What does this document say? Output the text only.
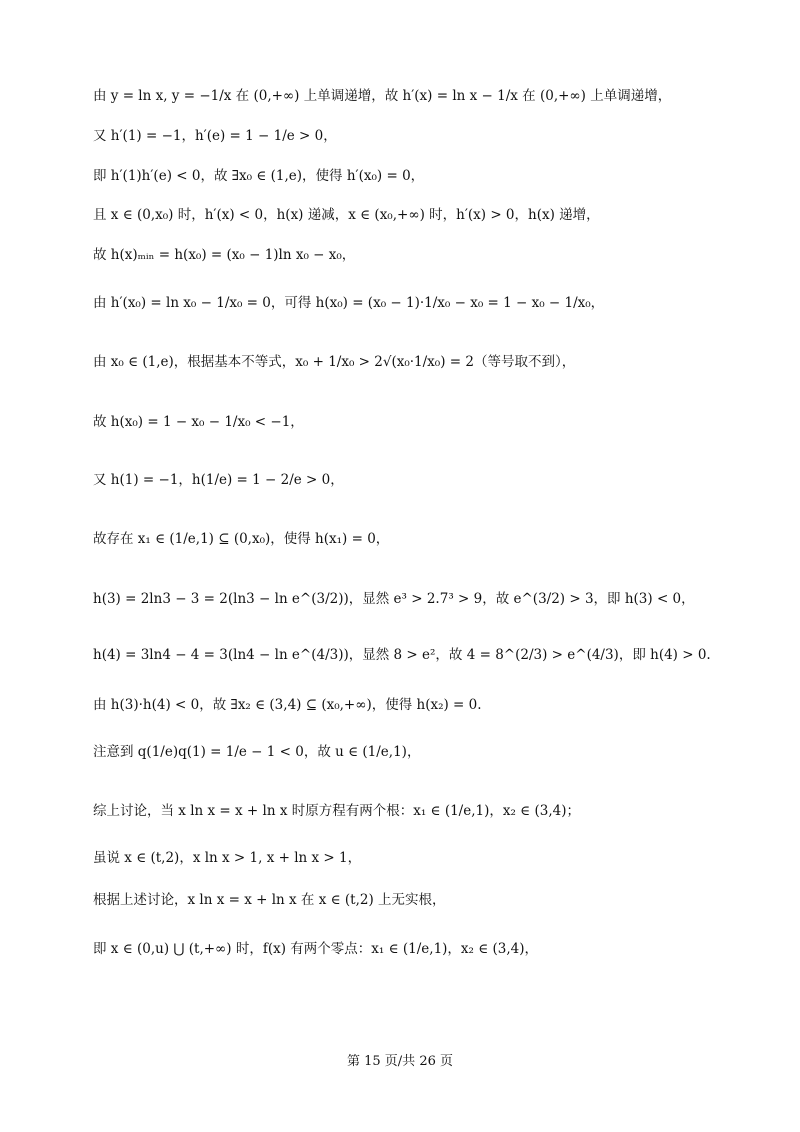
由 y = ln x, y = −1/x 在 (0,+∞) 上单调递增，故 h′(x) = ln x − 1/x 在 (0,+∞) 上单调递增，
又 h′(1) = −1，h′(e) = 1 − 1/e > 0，
即 h′(1)h′(e) < 0，故 ∃x₀ ∈ (1,e)，使得 h′(x₀) = 0，
且 x ∈ (0,x₀) 时，h′(x) < 0，h(x) 递减，x ∈ (x₀,+∞) 时，h′(x) > 0，h(x) 递增，
故 h(x)ₘᵢₙ = h(x₀) = (x₀ − 1)ln x₀ − x₀，
由 h′(x₀) = ln x₀ − 1/x₀ = 0，可得 h(x₀) = (x₀ − 1)·1/x₀ − x₀ = 1 − x₀ − 1/x₀，
由 x₀ ∈ (1,e)，根据基本不等式，x₀ + 1/x₀ > 2√(x₀·1/x₀) = 2（等号取不到），
故 h(x₀) = 1 − x₀ − 1/x₀ < −1，
又 h(1) = −1，h(1/e) = 1 − 2/e > 0，
故存在 x₁ ∈ (1/e,1) ⊆ (0,x₀)，使得 h(x₁) = 0，
h(3) = 2ln3 − 3 = 2(ln3 − ln e^(3/2))，显然 e³ > 2.7³ > 9，故 e^(3/2) > 3，即 h(3) < 0，
h(4) = 3ln4 − 4 = 3(ln4 − ln e^(4/3))，显然 8 > e²，故 4 = 8^(2/3) > e^(4/3)，即 h(4) > 0.
由 h(3)·h(4) < 0，故 ∃x₂ ∈ (3,4) ⊆ (x₀,+∞)，使得 h(x₂) = 0.
注意到 q(1/e)q(1) = 1/e − 1 < 0，故 u ∈ (1/e,1)，
综上讨论，当 x ln x = x + ln x 时原方程有两个根：x₁ ∈ (1/e,1)，x₂ ∈ (3,4)；
虽说 x ∈ (t,2)，x ln x > 1, x + ln x > 1，
根据上述讨论，x ln x = x + ln x 在 x ∈ (t,2) 上无实根，
即 x ∈ (0,u) ⋃ (t,+∞) 时，f(x) 有两个零点：x₁ ∈ (1/e,1)，x₂ ∈ (3,4)，
第 15 页/共 26 页
